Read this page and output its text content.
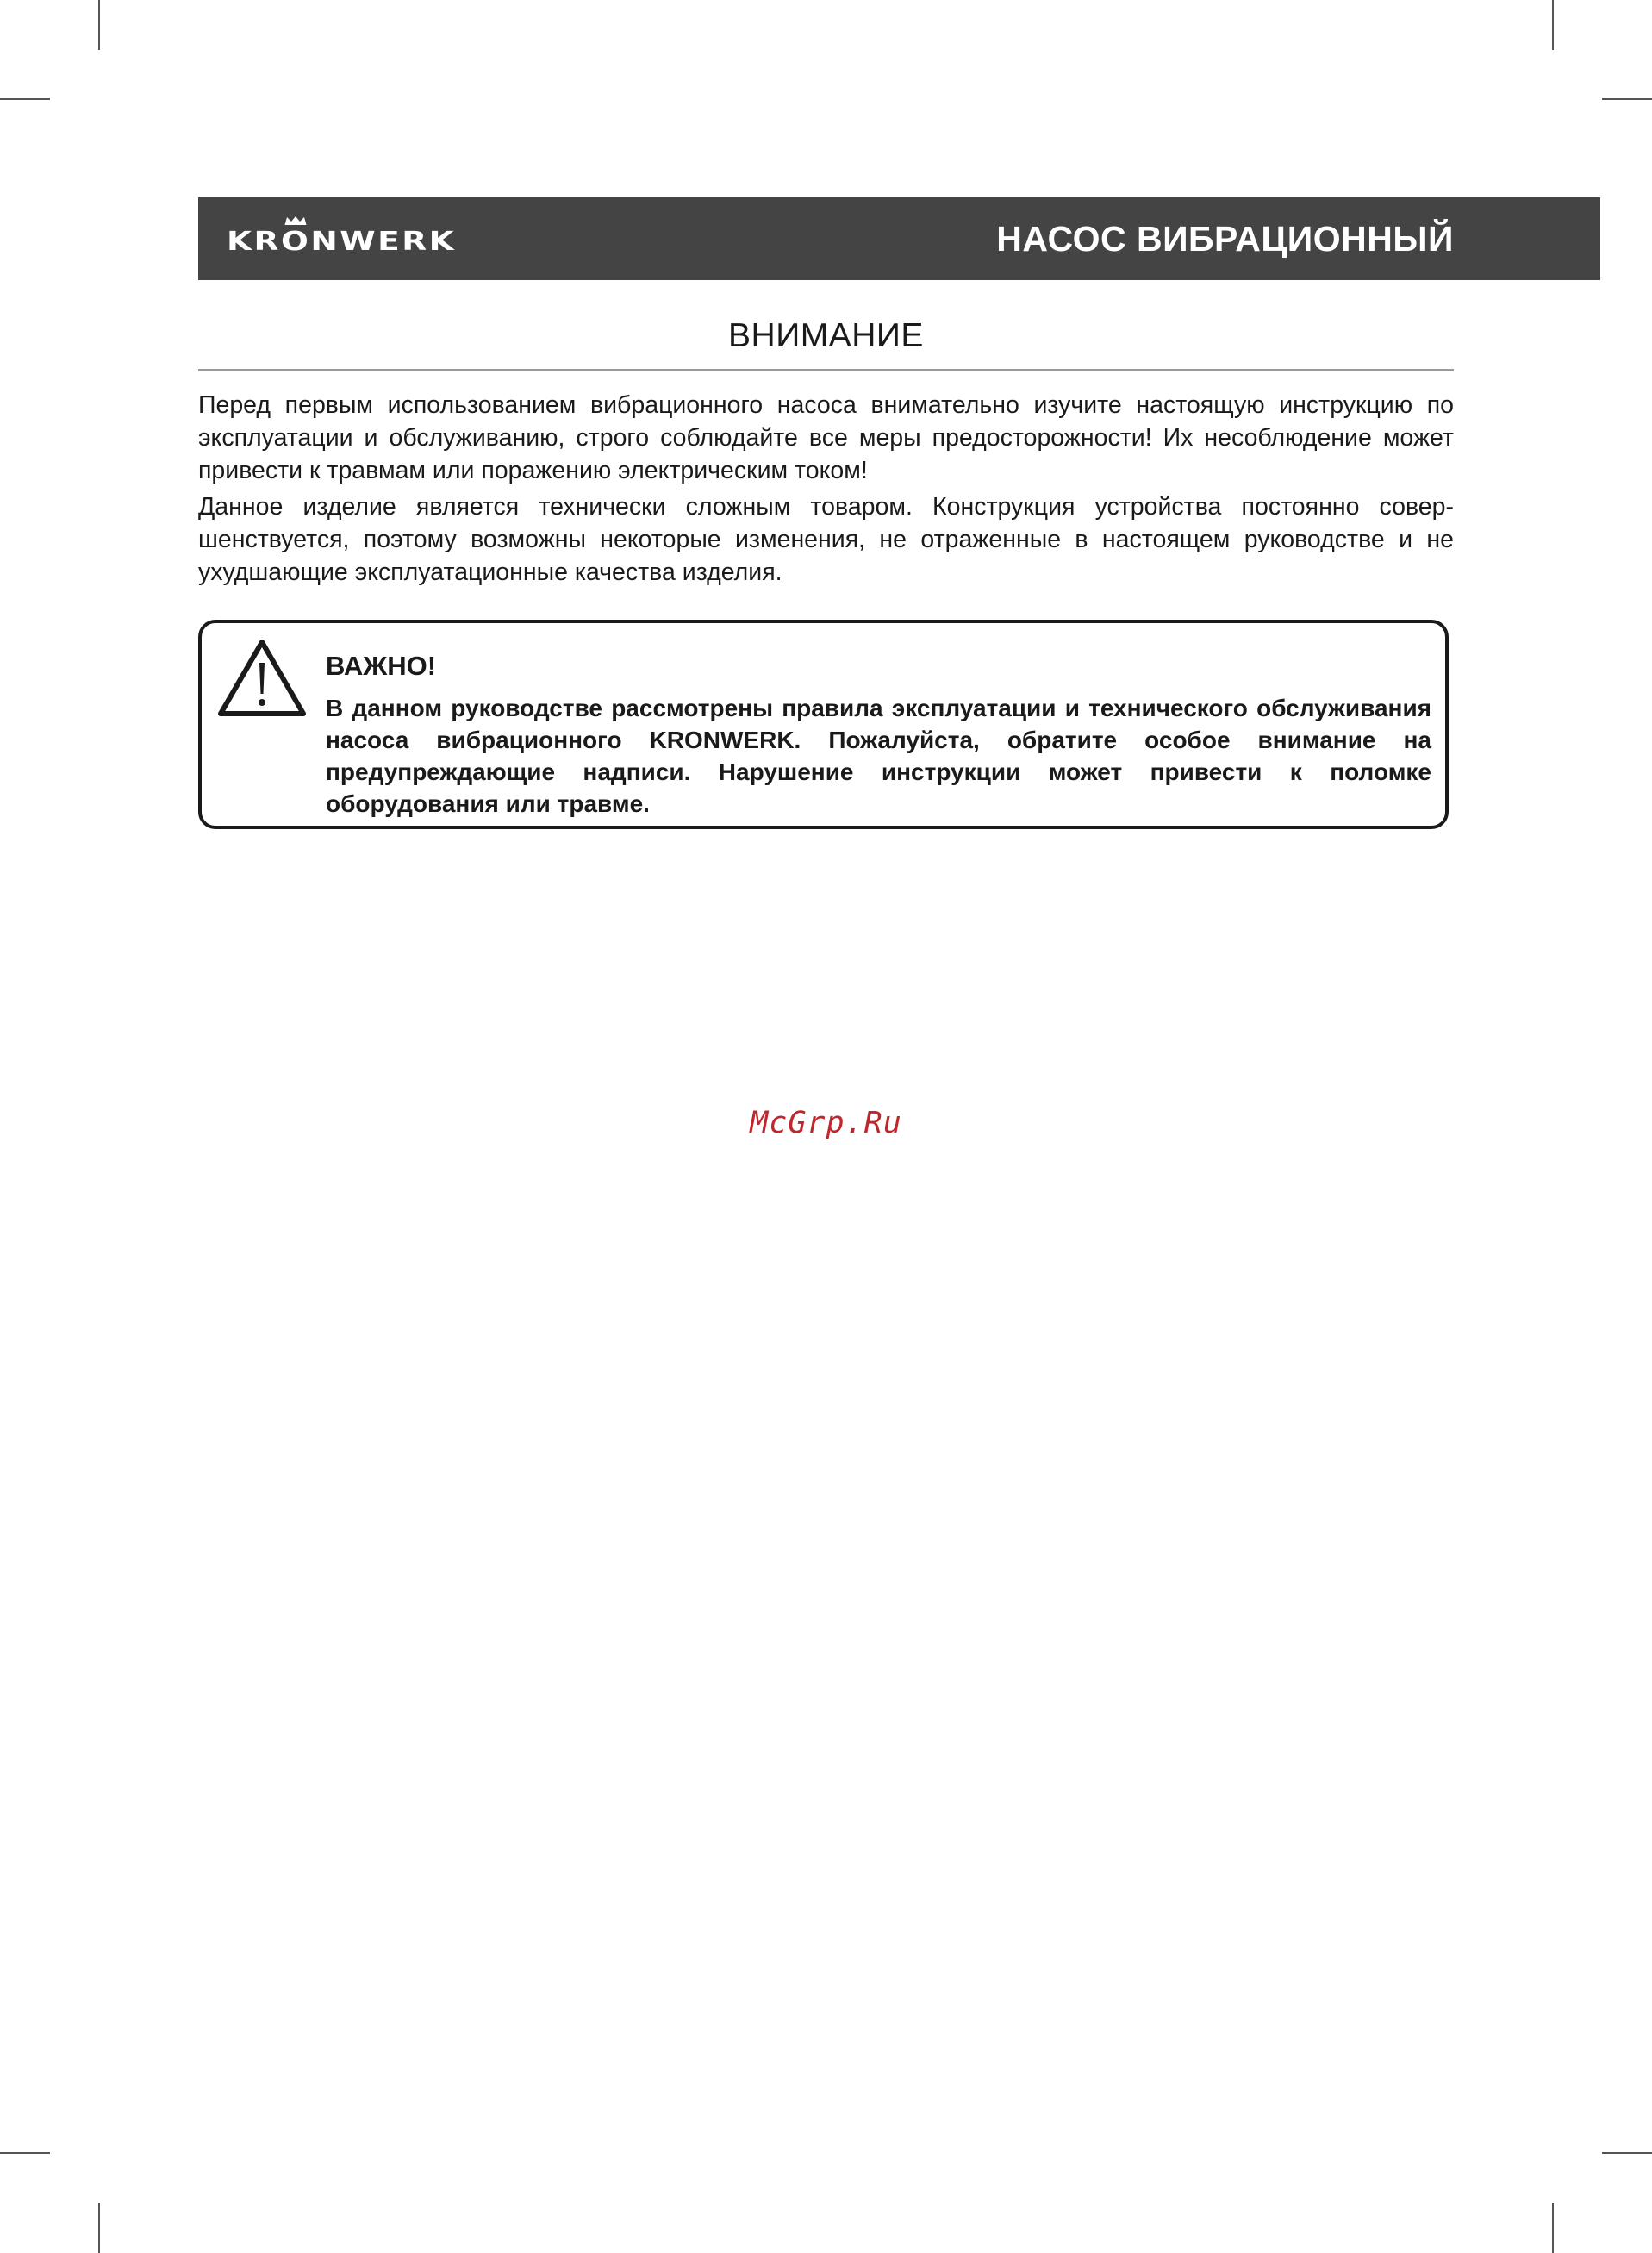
KR O NWERK	НАСОС ВИБРАЦИОННЫЙ
ВНИМАНИЕ
Перед первым использованием вибрационного насоса внимательно изучите настоящую инструкцию по эксплуатации и обслуживанию, строго соблюдайте все меры предосторожности! Их несоблюдение может привести к травмам или поражению электрическим током!
Данное изделие является технически сложным товаром. Конструкция устройства постоянно совершенствуется, поэтому возможны некоторые изменения, не отраженные в настоящем руководстве и не ухудшающие эксплуатационные качества изделия.
ВАЖНО!
В данном руководстве рассмотрены правила эксплуатации и технического обслуживания насоса вибрационного KRONWERK. Пожалуйста, обратите особое внимание на предупреждающие надписи. Нарушение инструкции может привести к поломке оборудования или травме.
McGrp.Ru
